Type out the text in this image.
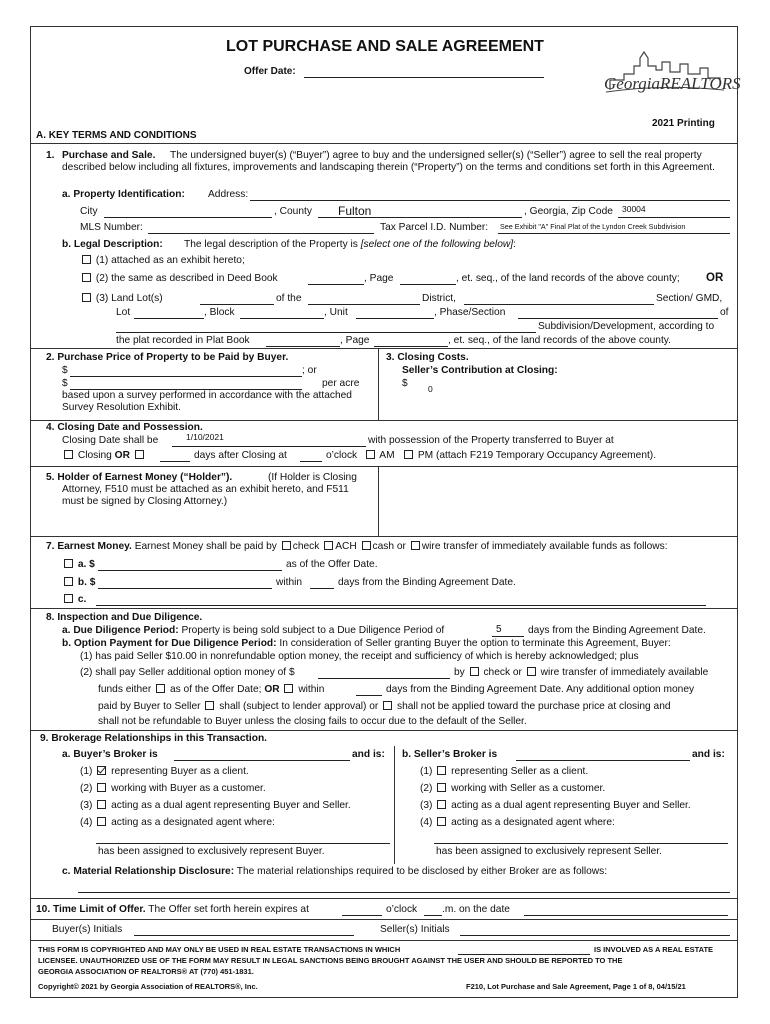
LOT PURCHASE AND SALE AGREEMENT
Offer Date:
GeorgiaREALTORS
2021 Printing
A. KEY TERMS AND CONDITIONS
1. Purchase and Sale.	The undersigned buyer(s) (“Buyer”) agree to buy and the undersigned seller(s) (“Seller”) agree to sell the real property described below including all fixtures, improvements and landscaping therein (“Property”) on the terms and conditions set forth in this Agreement.
a. Property Identification: Address:
City	, County Fulton	, Georgia, Zip Code 30004
MLS Number:	Tax Parcel I.D. Number: See Exhibit "A" Final Plat of the Lyndon Creek Subdivision
b. Legal Description: The legal description of the Property is [select one of the following below]:
(1) attached as an exhibit hereto;
(2) the same as described in Deed Book	, Page	, et. seq., of the land records of the above county; OR
(3) Land Lot(s)	of the	District,	Section/ GMD,
Lot	, Block	, Unit	, Phase/Section	of
Subdivision/Development, according to
the plat recorded in Plat Book	, Page	, et. seq., of the land records of the above county.
2. Purchase Price of Property to be Paid by Buyer.
$	; or
$	per acre
based upon a survey performed in accordance with the attached Survey Resolution Exhibit.
3. Closing Costs.
Seller’s Contribution at Closing:
$ 0
4. Closing Date and Possession.
Closing Date shall be	1/10/2021	with possession of the Property transferred to Buyer at
Closing OR	days after Closing at	o’clock	AM	PM (attach F219 Temporary Occupancy Agreement).
5. Holder of Earnest Money (“Holder”).	(If Holder is Closing Attorney, F510 must be attached as an exhibit hereto, and F511 must be signed by Closing Attorney.)
7. Earnest Money. Earnest Money shall be paid by check ACH cash or wire transfer of immediately available funds as follows:
a. $	as of the Offer Date.
b. $	within	days from the Binding Agreement Date.
c.
8. Inspection and Due Diligence.
a. Due Diligence Period: Property is being sold subject to a Due Diligence Period of	5	days from the Binding Agreement Date.
b. Option Payment for Due Diligence Period: In consideration of Seller granting Buyer the option to terminate this Agreement, Buyer:
(1) has paid Seller $10.00 in nonrefundable option money, the receipt and sufficiency of which is hereby acknowledged; plus
(2) shall pay Seller additional option money of $	by check or wire transfer of immediately available
funds either as of the Offer Date; OR within	days from the Binding Agreement Date. Any additional option money
paid by Buyer to Seller shall (subject to lender approval) or shall not be applied toward the purchase price at closing and
shall not be refundable to Buyer unless the closing fails to occur due to the default of the Seller.
9. Brokerage Relationships in this Transaction.
a. Buyer’s Broker is	and is: b. Seller’s Broker is	and is:
(1) representing Buyer as a client.
(2) working with Buyer as a customer.
(3) acting as a dual agent representing Buyer and Seller.
(4) acting as a designated agent where:
has been assigned to exclusively represent Buyer.
(1) representing Seller as a client.
(2) working with Seller as a customer.
(3) acting as a dual agent representing Buyer and Seller.
(4) acting as a designated agent where:
has been assigned to exclusively represent Seller.
c. Material Relationship Disclosure: The material relationships required to be disclosed by either Broker are as follows:
10. Time Limit of Offer. The Offer set forth herein expires at	o’clock .m. on the date
Buyer(s) Initials	Seller(s) Initials
THIS FORM IS COPYRIGHTED AND MAY ONLY BE USED IN REAL ESTATE TRANSACTIONS IN WHICH	IS INVOLVED AS A REAL ESTATE
LICENSEE. UNAUTHORIZED USE OF THE FORM MAY RESULT IN LEGAL SANCTIONS BEING BROUGHT AGAINST THE USER AND SHOULD BE REPORTED TO THE
GEORGIA ASSOCIATION OF REALTORS® AT (770) 451-1831.
Copyright© 2021 by Georgia Association of REALTORS®, Inc.	F210, Lot Purchase and Sale Agreement, Page 1 of 8, 04/15/21
